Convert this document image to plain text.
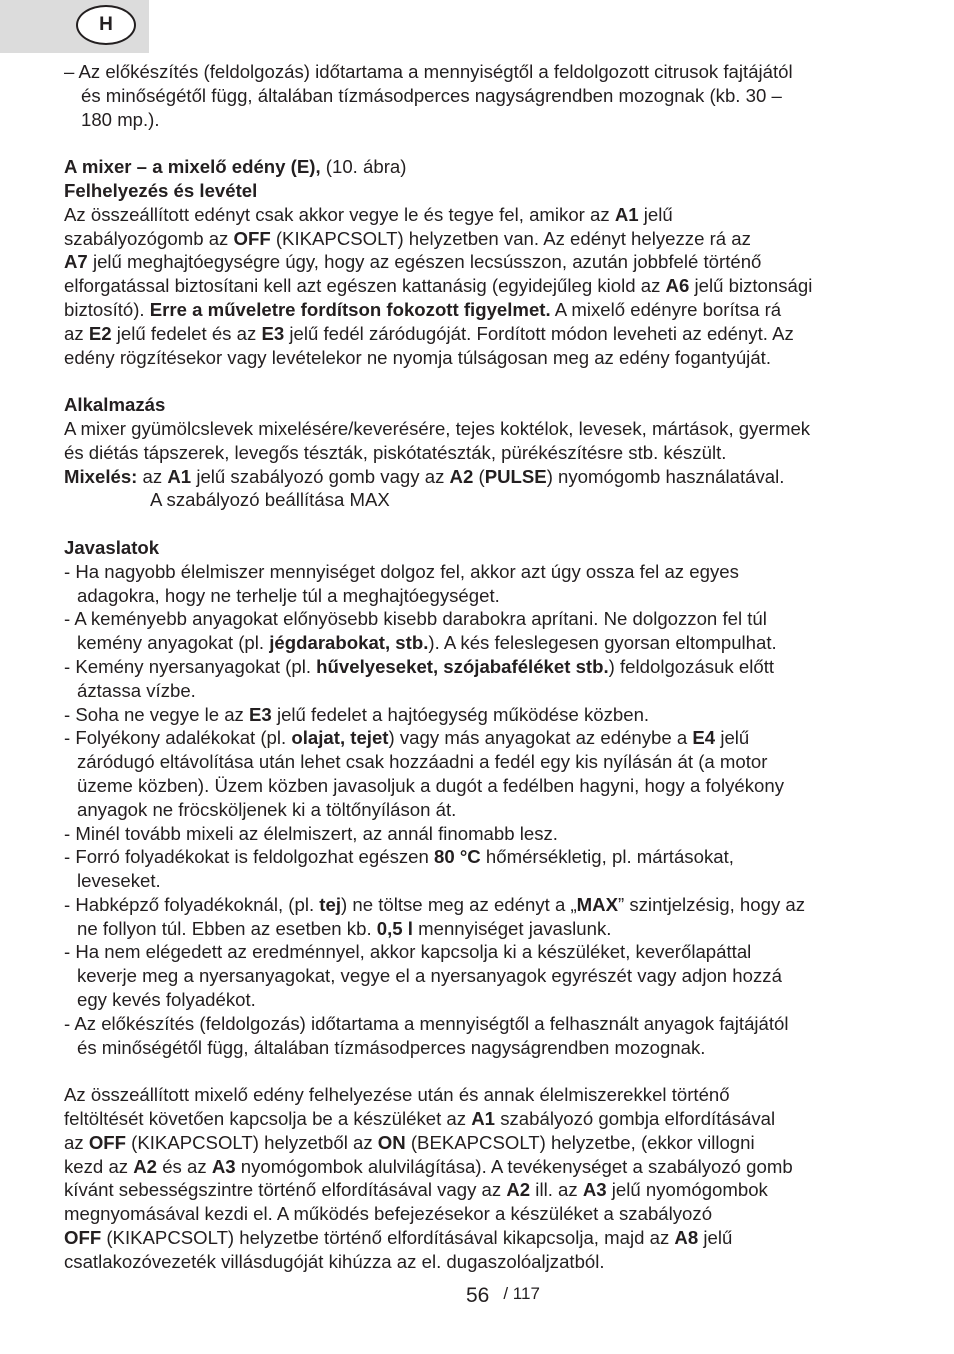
H
– Az előkészítés (feldolgozás) időtartama a mennyiségtől a feldolgozott citrusok fajtájától
és minőségétől függ, általában tízmásodperces nagyságrendben mozognak (kb. 30 –
180 mp.).
A mixer – a mixelő edény (E), (10. ábra)
Felhelyezés és levétel
Az összeállított edényt csak akkor vegye le és tegye fel, amikor az A1 jelű
szabályozógomb az OFF (KIKAPCSOLT) helyzetben van. Az edényt helyezze rá az
A7 jelű meghajtóegységre úgy, hogy az egészen lecsússzon, azután jobbfelé történő
elforgatással biztosítani kell azt egészen kattanásig (egyidejűleg kiold az A6 jelű biztonsági
biztosító). Erre a műveletre fordítson fokozott figyelmet. A mixelő edényre borítsa rá
az E2 jelű fedelet és az E3 jelű fedél záródugóját. Fordított módon leveheti az edényt. Az
edény rögzítésekor vagy levételekor ne nyomja túlságosan meg az edény fogantyúját.
Alkalmazás
A mixer gyümölcslevek mixelésére/keverésére, tejes koktélok, levesek, mártások, gyermek
és diétás tápszerek, levegős tészták, piskótatészták, pürékészítésre stb. készült.
Mixelés: az A1 jelű szabályozó gomb vagy az A2 (PULSE) nyomógomb használatával.
A szabályozó beállítása MAX
Javaslatok
- Ha nagyobb élelmiszer mennyiséget dolgoz fel, akkor azt úgy ossza fel az egyes
adagokra, hogy ne terhelje túl a meghajtóegységet.
- A keményebb anyagokat előnyösebb kisebb darabokra aprítani. Ne dolgozzon fel túl
kemény anyagokat (pl. jégdarabokat, stb.). A kés feleslegesen gyorsan eltompulhat.
- Kemény nyersanyagokat (pl. hűvelyeseket, szójabaféléket stb.) feldolgozásuk előtt
áztassa vízbe.
- Soha ne vegye le az E3 jelű fedelet a hajtóegység működése közben.
- Folyékony adalékokat (pl. olajat, tejet) vagy más anyagokat az edénybe a E4 jelű
záródugó eltávolítása után lehet csak hozzáadni a fedél egy kis nyílásán át (a motor
üzeme közben). Üzem közben javasoljuk a dugót a fedélben hagyni, hogy a folyékony
anyagok ne fröcsköljenek ki a töltőnyíláson át.
- Minél tovább mixeli az élelmiszert, az annál finomabb lesz.
- Forró folyadékokat is feldolgozhat egészen 80 °C hőmérsékletig, pl. mártásokat,
leveseket.
- Habképző folyadékoknál, (pl. tej) ne töltse meg az edényt a „MAX” szintjelzésig, hogy az
ne follyon túl. Ebben az esetben kb. 0,5 l mennyiséget javaslunk.
- Ha nem elégedett az eredménnyel, akkor kapcsolja ki a készüléket, keverőlapáttal
keverje meg a nyersanyagokat, vegye el a nyersanyagok egyrészét vagy adjon hozzá
egy kevés folyadékot.
- Az előkészítés (feldolgozás) időtartama a mennyiségtől a felhasznált anyagok fajtájától
és minőségétől függ, általában tízmásodperces nagyságrendben mozognak.
Az összeállított mixelő edény felhelyezése után és annak élelmiszerekkel történő
feltöltését követően kapcsolja be a készüléket az A1 szabályozó gombja elfordításával
az OFF (KIKAPCSOLT) helyzetből az ON (BEKAPCSOLT) helyzetbe, (ekkor villogni
kezd az A2 és az A3 nyomógombok alulvilágítása). A tevékenységet a szabályozó gomb
kívánt sebességszintre történő elfordításával vagy az A2 ill. az A3 jelű nyomógombok
megnyomásával kezdi el. A működés befejezésekor a készüléket a szabályozó
OFF (KIKAPCSOLT) helyzetbe történő elfordításával kikapcsolja, majd az A8 jelű
csatlakozóvezeték villásdugóját kihúzza az el. dugaszolóaljzatból.
56 / 117
